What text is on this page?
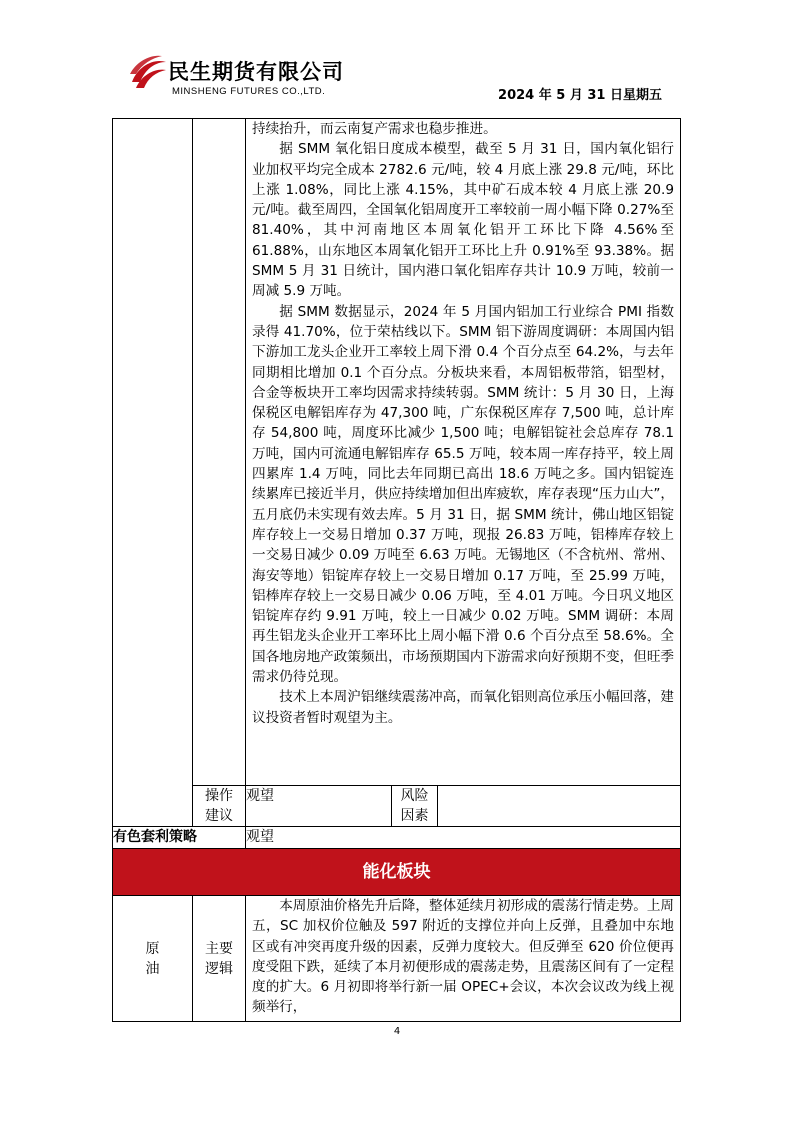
民生期货有限公司
MINSHENG FUTURES CO.,LTD.	2024 年 5 月 31 日星期五

		持续抬升，而云南复产需求也稳步推进。

据 SMM 氧化铝日度成本模型，截至 5 月 31 日，国内氧化铝行业加权平均完全成本 2782.6 元/吨，较 4 月底上涨 29.8 元/吨，环比上涨 1.08%，同比上涨 4.15%，其中矿石成本较 4 月底上涨 20.9 元/吨。截至周四，全国氧化铝周度开工率较前一周小幅下降 0.27%至 81.40%，其中河南地区本周氧化铝开工环比下降 4.56%至 61.88%，山东地区本周氧化铝开工环比上升 0.91%至 93.38%。据 SMM 5 月 31 日统计，国内港口氧化铝库存共计 10.9 万吨，较前一周减 5.9 万吨。

据 SMM 数据显示，2024 年 5 月国内铝加工行业综合 PMI 指数录得 41.70%，位于荣枯线以下。SMM 铝下游周度调研：本周国内铝下游加工龙头企业开工率较上周下滑 0.4 个百分点至 64.2%，与去年同期相比增加 0.1 个百分点。分板块来看，本周铝板带箔，铝型材，合金等板块开工率均因需求持续转弱。SMM 统计：5 月 30 日，上海保税区电解铝库存为 47,300 吨，广东保税区库存 7,500 吨，总计库存 54,800 吨，周度环比减少 1,500 吨；电解铝锭社会总库存 78.1 万吨，国内可流通电解铝库存 65.5 万吨，较本周一库存持平，较上周四累库 1.4 万吨，同比去年同期已高出 18.6 万吨之多。国内铝锭连续累库已接近半月，供应持续增加但出库疲软，库存表现“压力山大”，五月底仍未实现有效去库。5 月 31 日，据 SMM 统计，佛山地区铝锭库存较上一交易日增加 0.37 万吨，现报 26.83 万吨，铝棒库存较上一交易日减少 0.09 万吨至 6.63 万吨。无锡地区（不含杭州、常州、海安等地）铝锭库存较上一交易日增加 0.17 万吨，至 25.99 万吨，铝棒库存较上一交易日减少 0.06 万吨，至 4.01 万吨。今日巩义地区铝锭库存约 9.91 万吨，较上一日减少 0.02 万吨。SMM 调研：本周再生铝龙头企业开工率环比上周小幅下滑 0.6 个百分点至 58.6%。全国各地房地产政策频出，市场预期国内下游需求向好预期不变，但旺季需求仍待兑现。

技术上本周沪铝继续震荡冲高，而氧化铝则高位承压小幅回落，建议投资者暂时观望为主。		

	操作建议	观望	风险因素	
有色套利策略		观望		
能化板块				

原油	主要逻辑	本周原油价格先升后降，整体延续月初形成的震荡行情走势。上周五，SC 加权价位触及 597 附近的支撑位并向上反弹，且叠加中东地区或有冲突再度升级的因素，反弹力度较大。但反弹至 620 价位便再度受阻下跌，延续了本月初便形成的震荡走势，且震荡区间有了一定程度的扩大。6 月初即将举行新一届 OPEC+会议，本次会议改为线上视频举行，		

4
